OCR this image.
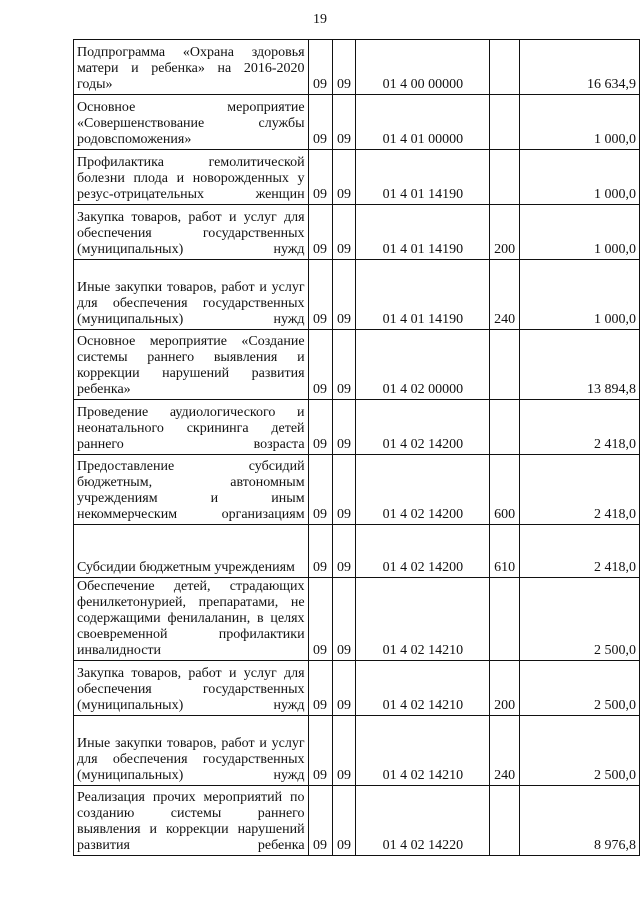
19
Подпрограмма «Охрана здоровья матери и ребенка» на 2016-2020 годы»	09	09	01 4 00 00000		16 634,9
Основное мероприятие «Совершенствование службы родовспоможения»	09	09	01 4 01 00000		1 000,0
Профилактика гемолитической болезни плода и новорожденных у резус-отрицательных женщин	09	09	01 4 01 14190		1 000,0
Закупка товаров, работ и услуг для обеспечения государственных (муниципальных) нужд	09	09	01 4 01 14190	200	1 000,0
Иные закупки товаров, работ и услуг для обеспечения государственных (муниципальных) нужд	09	09	01 4 01 14190	240	1 000,0
Основное мероприятие «Создание системы раннего выявления и коррекции нарушений развития ребенка»	09	09	01 4 02 00000		13 894,8
Проведение аудиологического и неонатального скрининга детей раннего возраста	09	09	01 4 02 14200		2 418,0
Предоставление субсидий бюджетным, автономным учреждениям и иным некоммерческим организациям	09	09	01 4 02 14200	600	2 418,0
Субсидии бюджетным учреждениям	09	09	01 4 02 14200	610	2 418,0
Обеспечение детей, страдающих фенилкетонурией, препаратами, не содержащими фенилаланин, в целях своевременной профилактики инвалидности	09	09	01 4 02 14210		2 500,0
Закупка товаров, работ и услуг для обеспечения государственных (муниципальных) нужд	09	09	01 4 02 14210	200	2 500,0
Иные закупки товаров, работ и услуг для обеспечения государственных (муниципальных) нужд	09	09	01 4 02 14210	240	2 500,0
Реализация прочих мероприятий по созданию системы раннего выявления и коррекции нарушений развития ребенка	09	09	01 4 02 14220		8 976,8
